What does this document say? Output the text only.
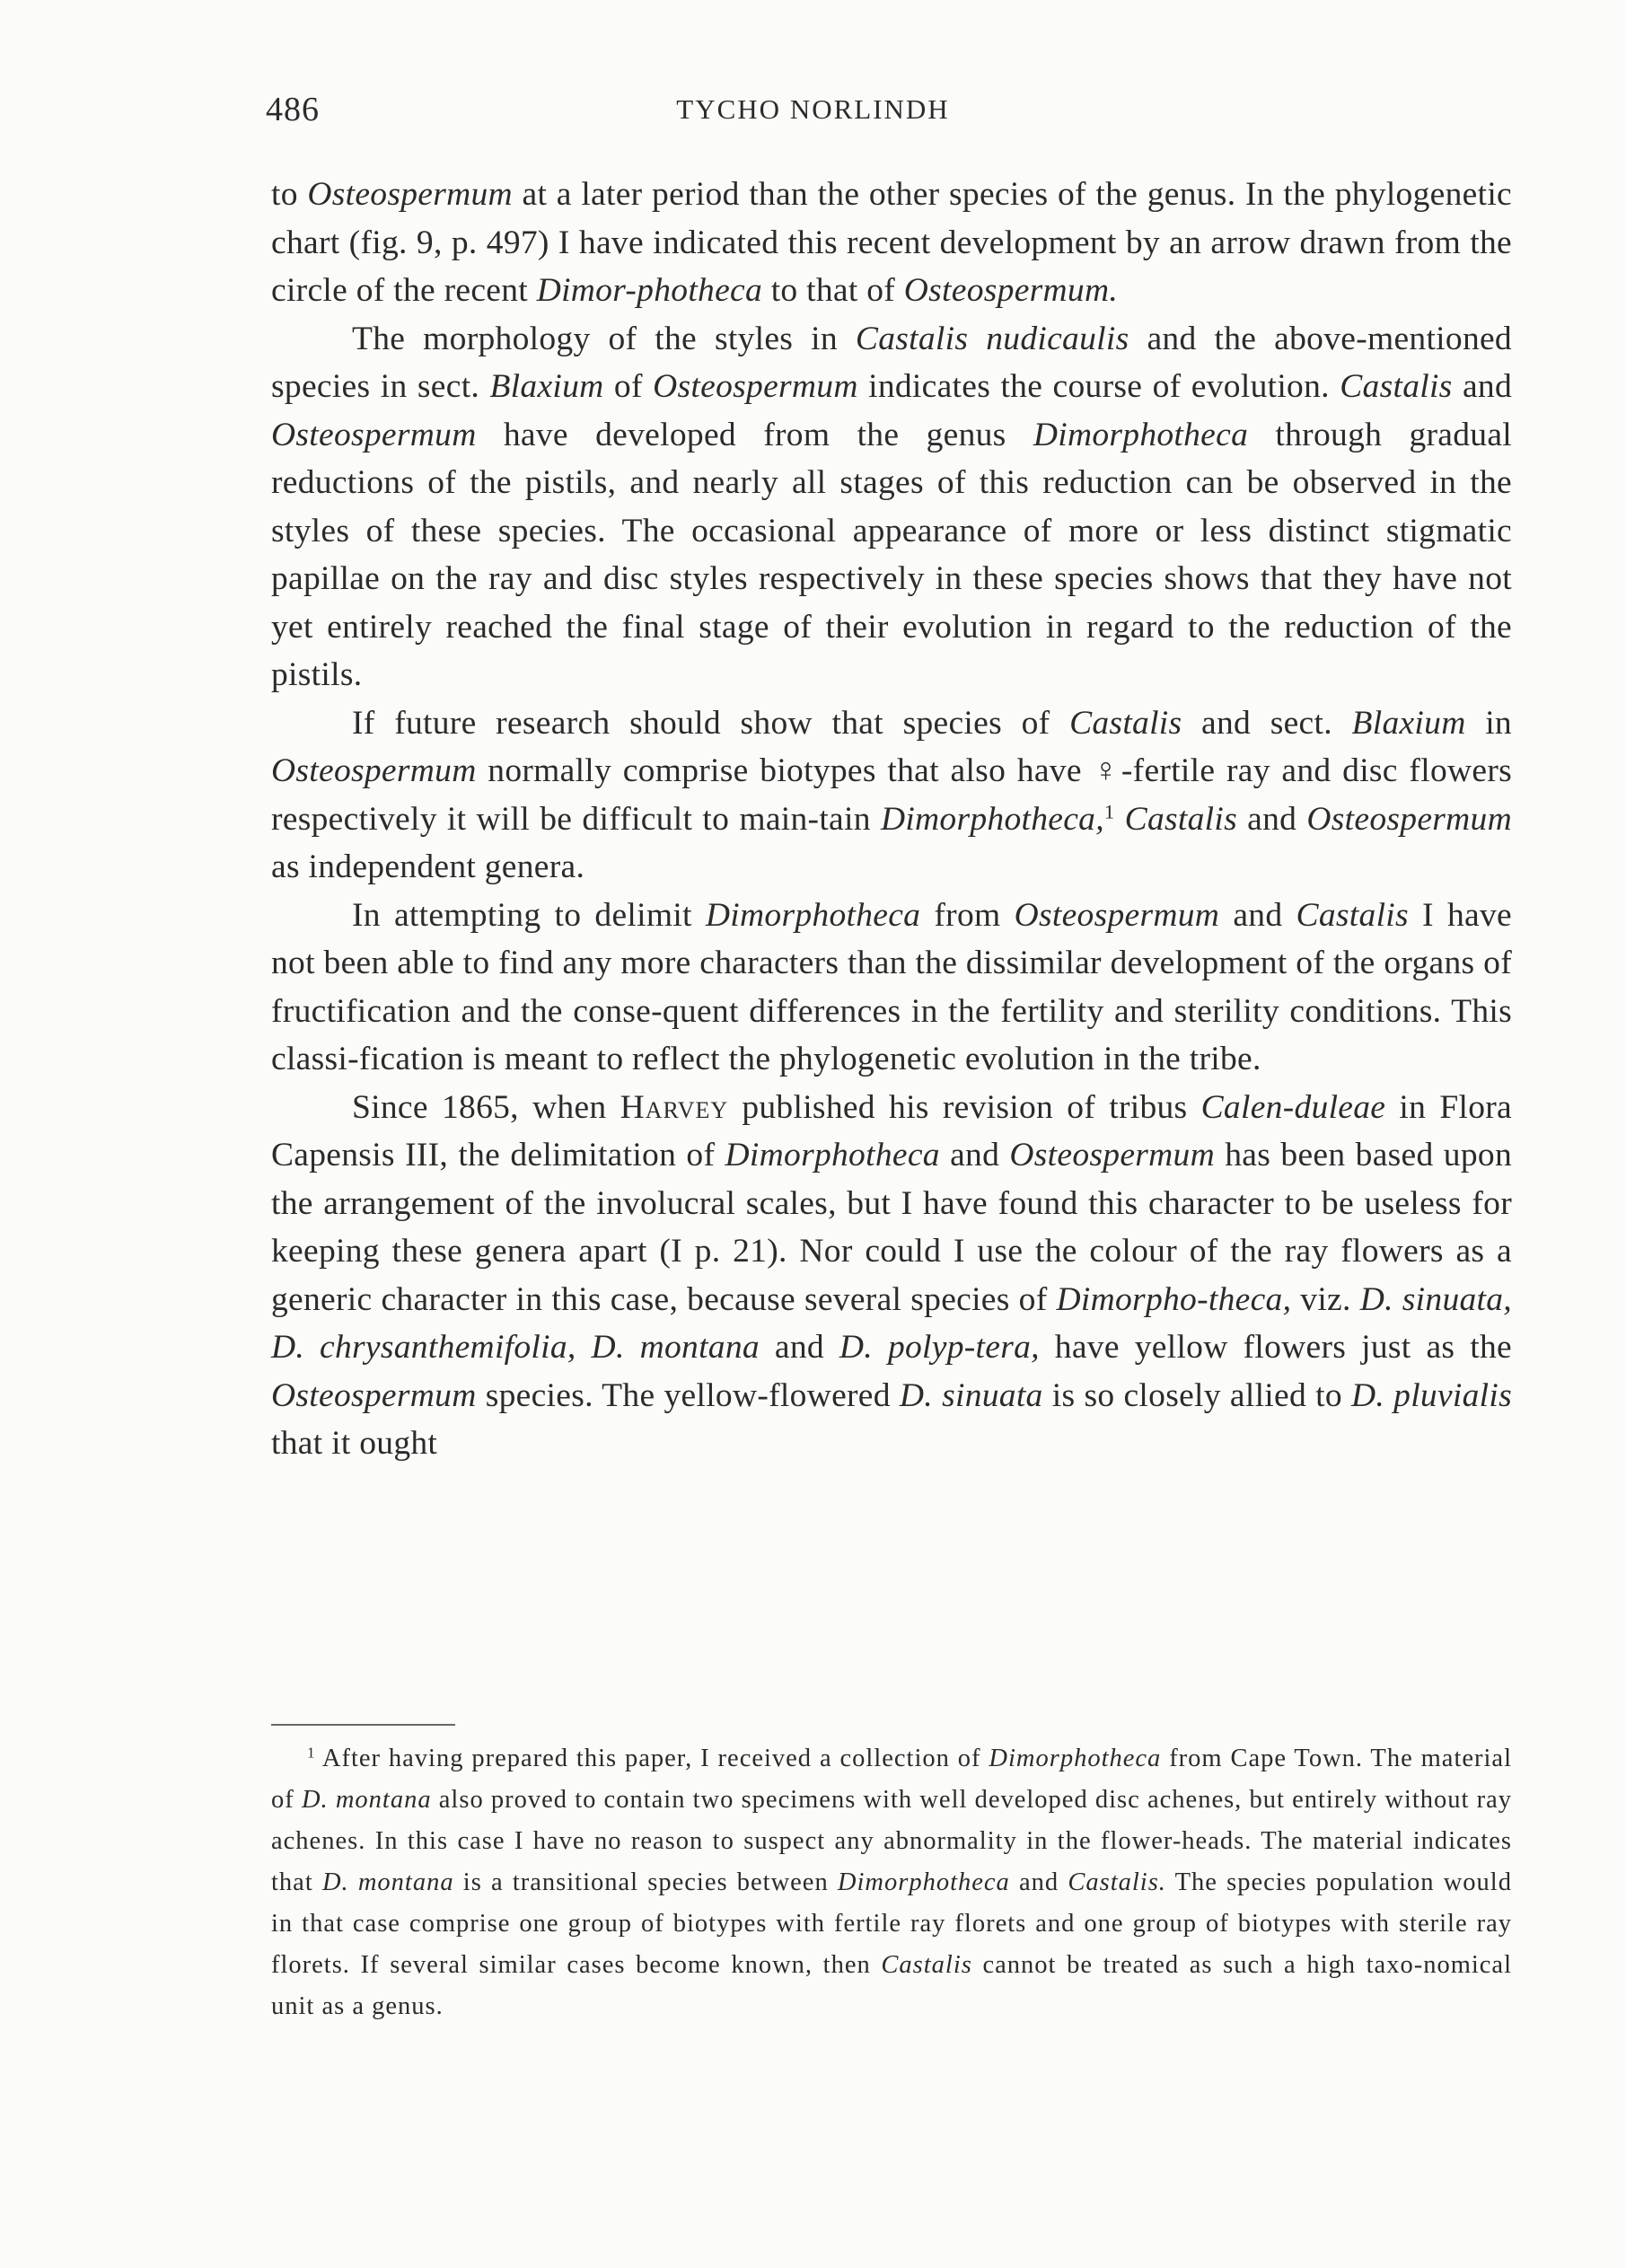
486	TYCHO NORLINDH

to Osteospermum at a later period than the other species of the genus. In the phylogenetic chart (fig. 9, p. 497) I have indicated this recent development by an arrow drawn from the circle of the recent Dimor-photheca to that of Osteospermum.

The morphology of the styles in Castalis nudicaulis and the above-mentioned species in sect. Blaxium of Osteospermum indicates the course of evolution. Castalis and Osteospermum have developed from the genus Dimorphotheca through gradual reductions of the pistils, and nearly all stages of this reduction can be observed in the styles of these species. The occasional appearance of more or less distinct stigmatic papillae on the ray and disc styles respectively in these species shows that they have not yet entirely reached the final stage of their evolution in regard to the reduction of the pistils.

If future research should show that species of Castalis and sect. Blaxium in Osteospermum normally comprise biotypes that also have ♀-fertile ray and disc flowers respectively it will be difficult to main-tain Dimorphotheca,$^1$ Castalis and Osteospermum as independent genera.

In attempting to delimit Dimorphotheca from Osteospermum and Castalis I have not been able to find any more characters than the dissimilar development of the organs of fructification and the conse-quent differences in the fertility and sterility conditions. This classi-fication is meant to reflect the phylogenetic evolution in the tribe.

Since 1865, when Harvey published his revision of tribus Calen-duleae in Flora Capensis III, the delimitation of Dimorphotheca and Osteospermum has been based upon the arrangement of the involucral scales, but I have found this character to be useless for keeping these genera apart (I p. 21). Nor could I use the colour of the ray flowers as a generic character in this case, because several species of Dimorpho-theca, viz. D. sinuata, D. chrysanthemifolia, D. montana and D. polyp-tera, have yellow flowers just as the Osteospermum species. The yellow-flowered D. sinuata is so closely allied to D. pluvialis that it ought

$^1$ After having prepared this paper, I received a collection of Dimorphotheca from Cape Town. The material of D. montana also proved to contain two specimens with well developed disc achenes, but entirely without ray achenes. In this case I have no reason to suspect any abnormality in the flower-heads. The material indicates that D. montana is a transitional species between Dimorphotheca and Castalis. The species population would in that case comprise one group of biotypes with fertile ray florets and one group of biotypes with sterile ray florets. If several similar cases become known, then Castalis cannot be treated as such a high taxo-nomical unit as a genus.
